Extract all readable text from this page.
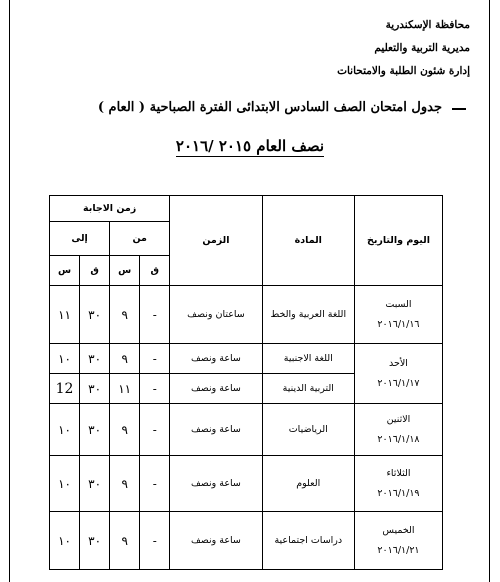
محافظة الإسكندرية
مديرية التربية والتعليم
إدارة شئون الطلبة والامتحانات
جدول امتحان الصف السادس الابتدائى الفترة الصباحية ( العام )
نصف العام ٢٠١٥ /٢٠١٦
اليوم والتاريخ	المادة	الزمن	زمن الاجابة			
			من		إلى	
			ق	س	ق	س

السبت
٢٠١٦/١/١٦	اللغة العربية والخط	ساعتان ونصف	-	٩	٣٠	١١

الأحد
٢٠١٦/١/١٧	اللغة الاجنبية	ساعة ونصف	-	٩	٣٠	١٠
	التربية الدينية	ساعة ونصف	-	١١	٣٠	12

الاثنين
٢٠١٦/١/١٨	الرياضيات	ساعة ونصف	-	٩	٣٠	١٠

الثلاثاء
٢٠١٦/١/١٩	العلوم	ساعة ونصف	-	٩	٣٠	١٠

الخميس
٢٠١٦/١/٢١	دراسات اجتماعية	ساعة ونصف	-	٩	٣٠	١٠
